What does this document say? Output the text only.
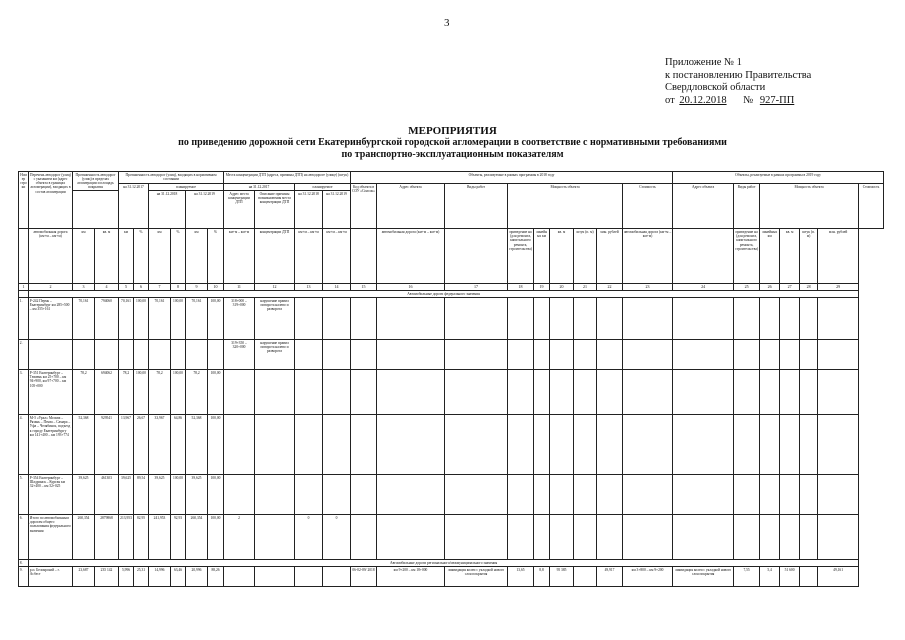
3
Приложение № 1
к постановлению Правительства
Свердловской области
от 20.12.2018 № 927-ПП
МЕРОПРИЯТИЯ
по приведению дорожной сети Екатеринбургской городской агломерации в соответствие с нормативными требованиями
по транспортно-эксплуатационным показателям
Номер строки	Перечень автодорог (улиц) с указанием км (адрес объекта в границах агломерации), входящих в состав агломерации	Протяженность автодорог (улиц) в пределах агломерации и площадь покрытия		Протяженность автодорог (улиц), входящих в нормативном состоянии						Места концентрации ДТП (адреса, причины ДТП) на автодороге (улице) (штук)				Объекты, реализуемые в рамках программы в 2018 году									Объекты, реализуемые в рамках программы в 2019 году						
				на 31.12.2017		планируемое				на 31.12.2017		планируемое		Код объекта в СОУ «Спасок»	Адрес объекта	Виды работ	Мощность объекта					Стоимость	Адрес объекта	Виды работ	Мощность объекта				Стоимость
						на 31.12.2018		на 31.12.2019		Адрес места концентрации ДТП	Описание причины возникновения места концентрации ДТП	на 31.12.2018	на 31.12.2019																
	автомобильная дорога (км+м – км+м)	км	кв. м	км	%	км	%	км	%	км+м – км+м	концентрации ДТП	км+м – км+м	км+м – км+м		автомобильная дорога (км+м – км+м)		приведение на (для ремонта, капитального ремонта, строительства)	линейных км	кв. м	штук (п. м)	млн. рублей	автомобильная дорога (км+м – км+м)		приведение на (для ремонта, капитального ремонта, строительства)	линейных км	кв. м	штук (п. м)	млн. рублей	
1	2	3	4	5	6	7	8	9	10	11	12	13	14	15	16	17	18	19	20	21	22	23	24	25	26	27	28	29	
	Автомобильные дороги федерального значения																												
1.	Р-242 Пермь – Екатеринбург км 285+500 – км 355+161	70,161	794060	70,161	100,00	70,161	100,00	70,161	100,00	318+000 – 319+000	нарушение правил поворота налево и разворота																		
2.										319+350 – 320+000	нарушение правил поворота налево и разворота																		
3.	Р-351 Екатеринбург – Тюмень км 25+700 – км 94+900, км 97+700 – км 105+000	78,2	694062	78,2	100,00	78,2	100,00	78,2	100,00																				
4.	М-5 «Урал» Москва – Рязань – Пенза – Самара – Уфа – Челябинск, подъезд к городу Екатеринбургу км 141+400 – км 193+774	52,368	929541	13,967	26,67	33,967	64,86	52,368	100,00																				
5.	Р-354 Екатеринбург – Шадринск – Курган км 32+400 – км 52+025	39,625	461303	39,625	89,54	39,625	100,00	39,625	100,00																				
6.	Итого по автомобильным дорогам общего пользования федерального значения	260,354	2879868	213,953	82,95	241,953	92,93	260,354	100,00	2		0	0																
8.	Автомобильные дороги регионального/межмуниципального значения																												
9.	р.п. Белоярский – г. Асбест	23,687	235 142	5,996	25,31	14,996	63,46	20,996	88,26					06-02-09/ 2018	км 9+200 – км 18+000	ликвидация колеи с укладкой нового слоя покрытия	13,65	8,8	95 385		49,917	км 3+800 – км 9+200	ликвидация колеи с укладкой нового слоя покрытия	7,55	5,4	51 600		49,161	
